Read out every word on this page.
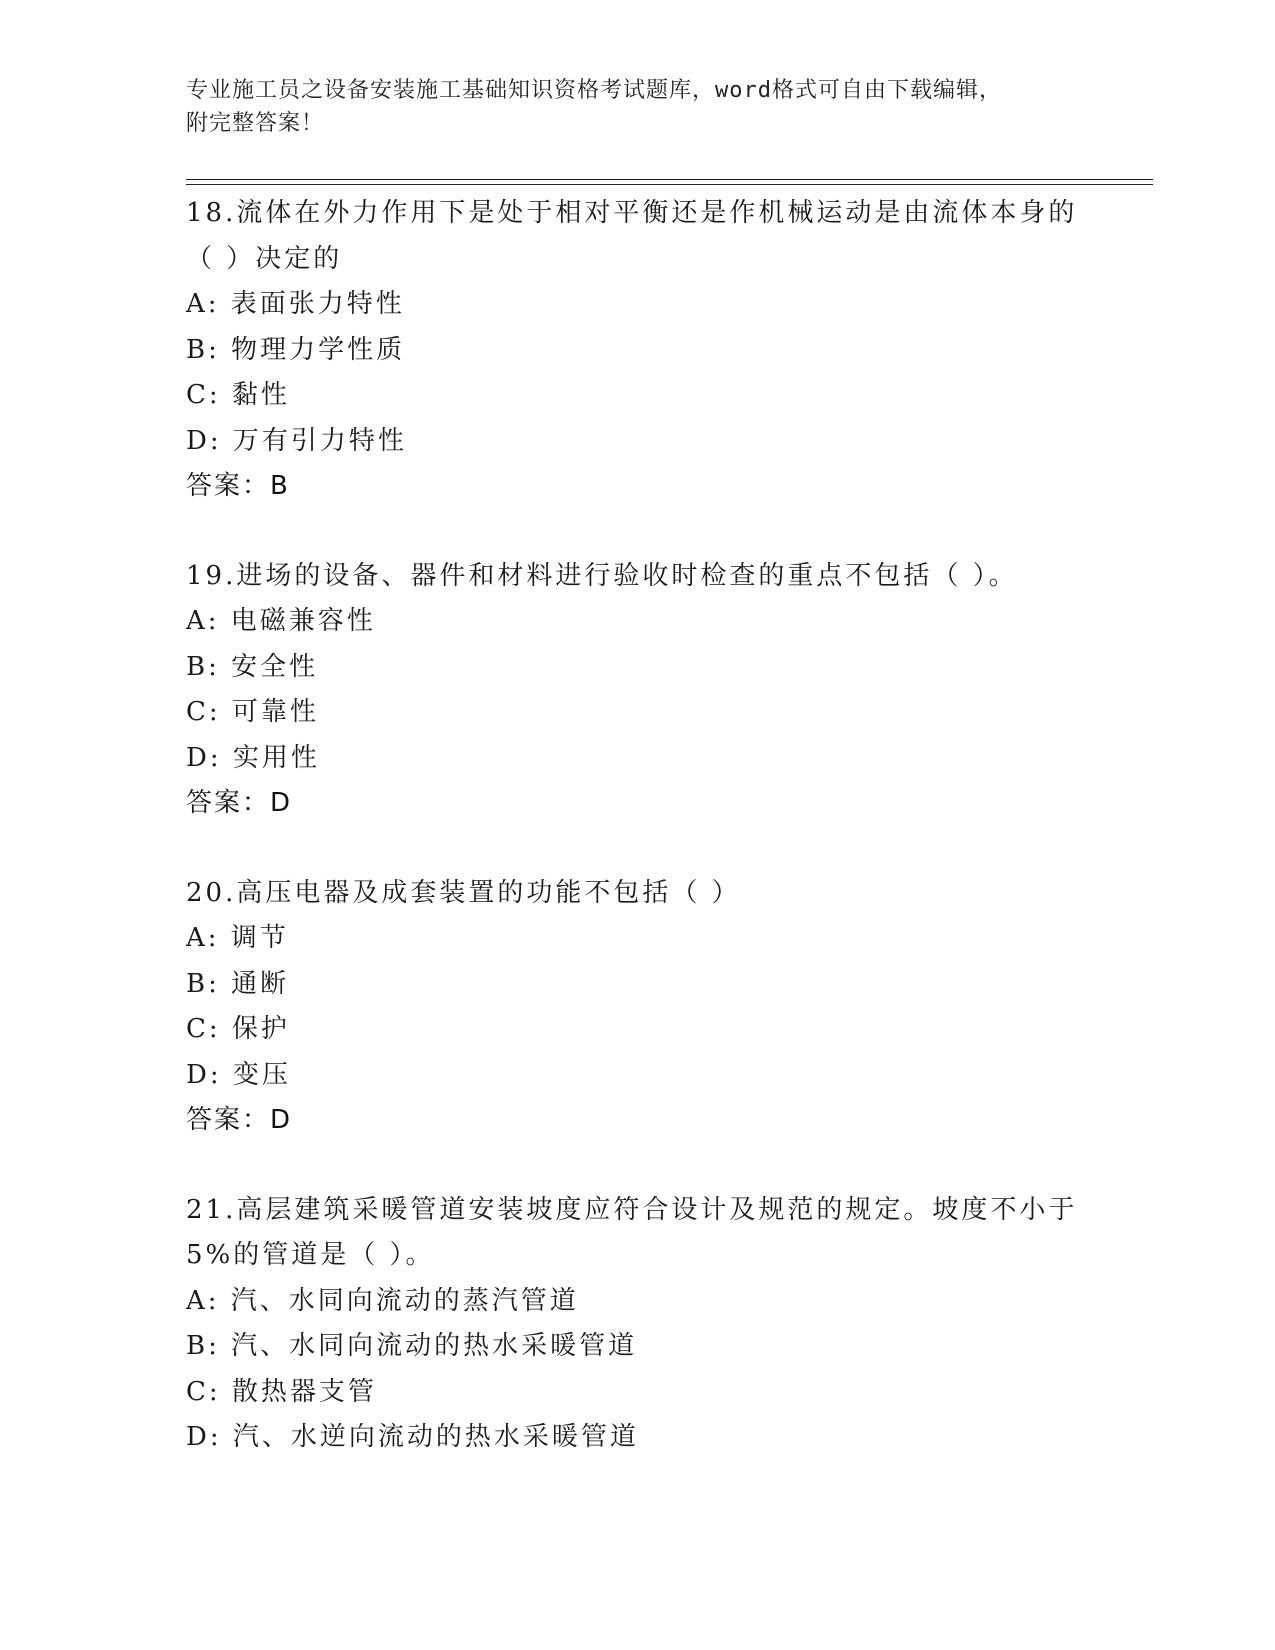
专业施工员之设备安装施工基础知识资格考试题库，word格式可自由下载编辑，
附完整答案！
18.流体在外力作用下是处于相对平衡还是作机械运动是由流体本身的
（ ）决定的
A: 表面张力特性
B: 物理力学性质
C: 黏性
D: 万有引力特性
答案：B
19.进场的设备、器件和材料进行验收时检查的重点不包括（ ）。
A: 电磁兼容性
B: 安全性
C: 可靠性
D: 实用性
答案：D
20.高压电器及成套装置的功能不包括（ ）
A: 调节
B: 通断
C: 保护
D: 变压
答案：D
21.高层建筑采暖管道安装坡度应符合设计及规范的规定。坡度不小于
5%的管道是（ ）。
A: 汽、水同向流动的蒸汽管道
B: 汽、水同向流动的热水采暖管道
C: 散热器支管
D: 汽、水逆向流动的热水采暖管道
